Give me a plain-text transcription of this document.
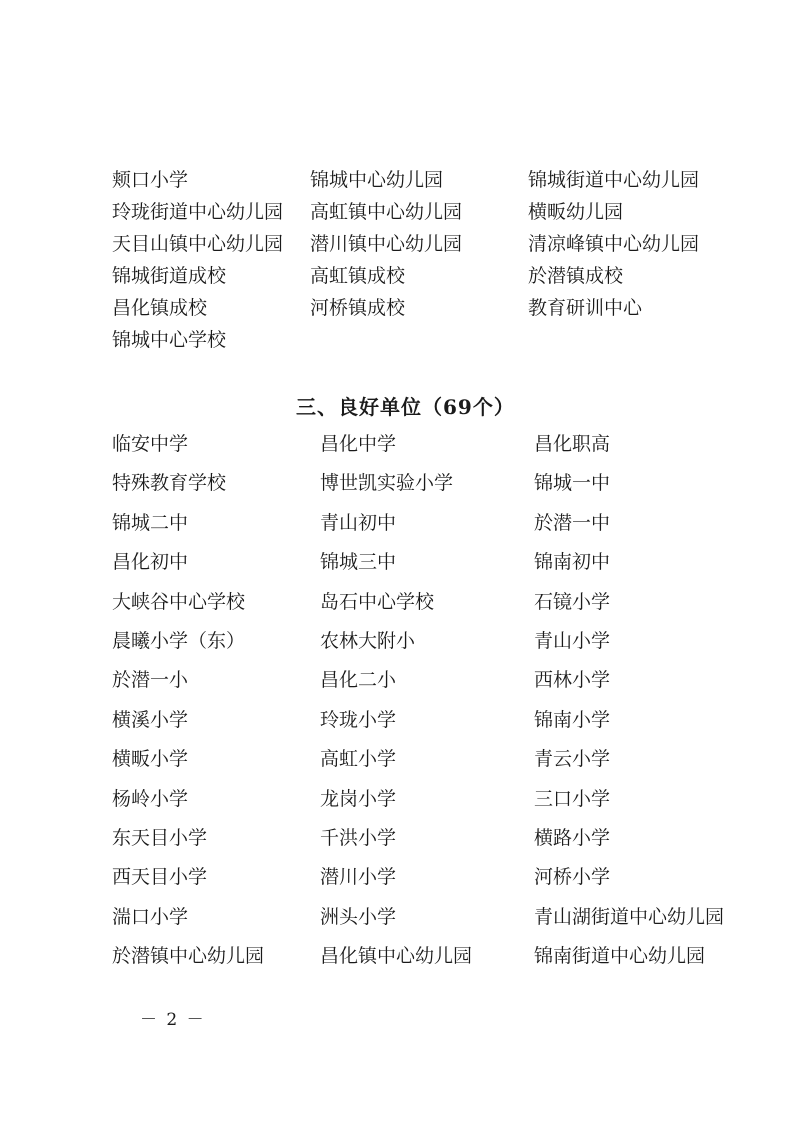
颊口小学	锦城中心幼儿园	锦城街道中心幼儿园
玲珑街道中心幼儿园	高虹镇中心幼儿园	横畈幼儿园
天目山镇中心幼儿园	潜川镇中心幼儿园	清凉峰镇中心幼儿园
锦城街道成校	高虹镇成校	於潜镇成校
昌化镇成校	河桥镇成校	教育研训中心
锦城中心学校
三、良好单位（69个）
临安中学	昌化中学	昌化职高
特殊教育学校	博世凯实验小学	锦城一中
锦城二中	青山初中	於潜一中
昌化初中	锦城三中	锦南初中
大峡谷中心学校	岛石中心学校	石镜小学
晨曦小学（东）	农林大附小	青山小学
於潜一小	昌化二小	西林小学
横溪小学	玲珑小学	锦南小学
横畈小学	高虹小学	青云小学
杨岭小学	龙岗小学	三口小学
东天目小学	千洪小学	横路小学
西天目小学	潜川小学	河桥小学
湍口小学	洲头小学	青山湖街道中心幼儿园
於潜镇中心幼儿园	昌化镇中心幼儿园	锦南街道中心幼儿园
－ 2 －
